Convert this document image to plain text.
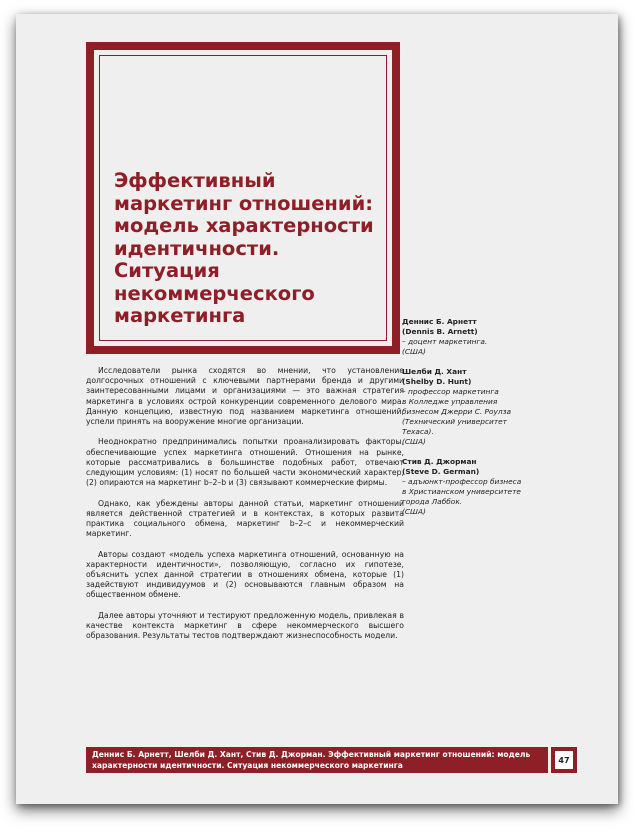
Эффективный
маркетинг отношений:
модель характерности
идентичности.
Ситуация
некоммерческого
маркетинга	Деннис Б. Арнетт
(Dennis B. Arnett)
– доцент маркетинга.
(США)
Шелби Д. Хант
(Shelby D. Hunt)
– профессор маркетинга
в Колледже управления
бизнесом Джерри С. Роулза
(Технический университет
Техаса).
(США)
Стив Д. Джорман
(Steve D. German)
– адъюнкт-профессор бизнеса
в Христианском университете
города Лаббок.
(США)

Исследователи рынка сходятся во мнении, что установление долгосрочных отношений с ключевыми партнерами бренда и другими заинтересованными лицами и организациями — это важная стратегия маркетинга в условиях острой конкуренции современного делового мира. Данную концепцию, известную под названием маркетинга отношений, успели принять на вооружение многие организации.

Неоднократно предпринимались попытки проанализировать факторы, обеспечивающие успех маркетинга отношений. Отношения на рынке, которые рассматривались в большинстве подобных работ, отвечают следующим условиям: (1) носят по большей части экономический характер, (2) опираются на маркетинг b–2–b и (3) связывают коммерческие фирмы.

Однако, как убеждены авторы данной статьи, маркетинг отношений является действенной стратегией и в контекстах, в которых развита практика социального обмена, маркетинг b–2–c и некоммерческий маркетинг.

Авторы создают «модель успеха маркетинга отношений, основанную на характерности идентичности», позволяющую, согласно их гипотезе, объяснить успех данной стратегии в отношениях обмена, которые (1) задействуют индивидуумов и (2) основываются главным образом на общественном обмене.

Далее авторы уточняют и тестируют предложенную модель, привлекая в качестве контекста маркетинг в сфере некоммерческого высшего образования. Результаты тестов подтверждают жизнеспособность модели.

Деннис Б. Арнетт, Шелби Д. Хант, Стив Д. Джорман. Эффективный маркетинг отношений: модель характерности идентичности. Ситуация некоммерческого маркетинга
47
